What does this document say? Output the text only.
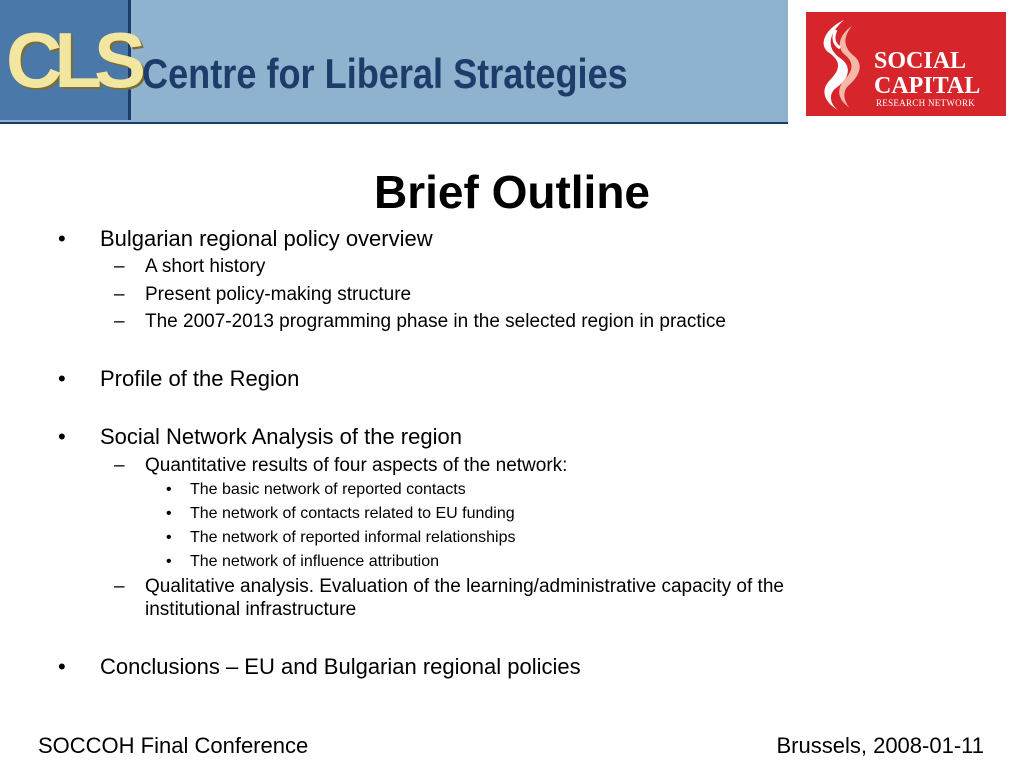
CLS Centre for Liberal Strategies	SOCIAL
CAPITAL
RESEARCH NETWORK
Brief Outline
• Bulgarian regional policy overview
– A short history
– Present policy-making structure
– The 2007-2013 programming phase in the selected region in practice
• Profile of the Region
• Social Network Analysis of the region
– Quantitative results of four aspects of the network:
• The basic network of reported contacts
• The network of contacts related to EU funding
• The network of reported informal relationships
• The network of influence attribution
– Qualitative analysis. Evaluation of the learning/administrative capacity of the
institutional infrastructure
• Conclusions – EU and Bulgarian regional policies
SOCCOH Final Conference	Brussels, 2008-01-11
